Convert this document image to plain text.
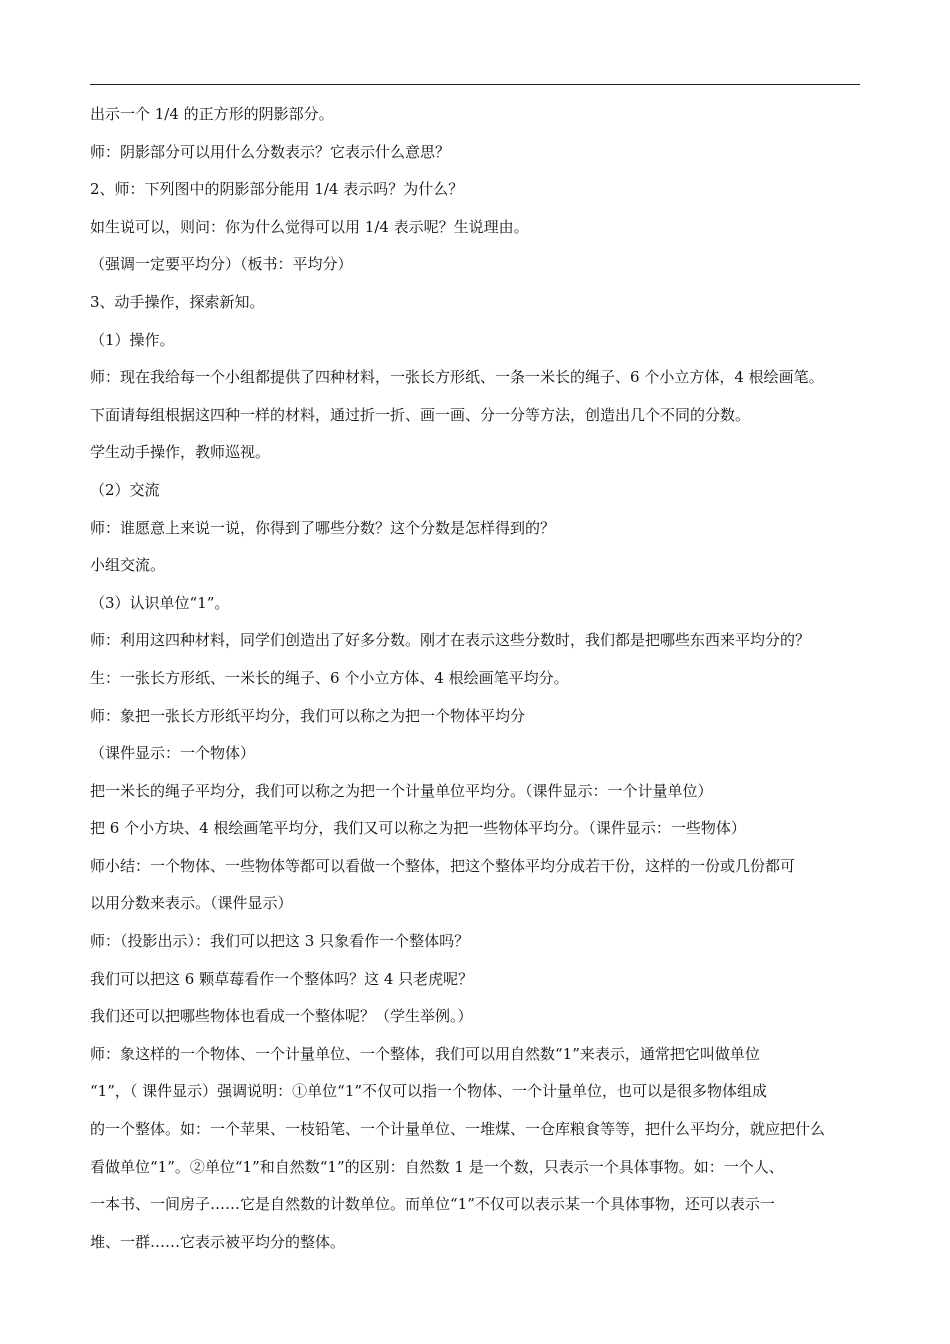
出示一个 1/4 的正方形的阴影部分。
师：阴影部分可以用什么分数表示？它表示什么意思？
2、师：下列图中的阴影部分能用 1/4 表示吗？为什么？
如生说可以，则问：你为什么觉得可以用 1/4 表示呢？生说理由。
（强调一定要平均分）（板书：平均分）
3、动手操作，探索新知。
（1）操作。
师：现在我给每一个小组都提供了四种材料，一张长方形纸、一条一米长的绳子、6 个小立方体，4 根绘画笔。
下面请每组根据这四种一样的材料，通过折一折、画一画、分一分等方法，创造出几个不同的分数。
学生动手操作，教师巡视。
（2）交流
师：谁愿意上来说一说，你得到了哪些分数？这个分数是怎样得到的？
小组交流。
（3）认识单位“1”。
师：利用这四种材料，同学们创造出了好多分数。刚才在表示这些分数时，我们都是把哪些东西来平均分的？
生：一张长方形纸、一米长的绳子、6 个小立方体、4 根绘画笔平均分。
师：象把一张长方形纸平均分，我们可以称之为把一个物体平均分
（课件显示：一个物体）
把一米长的绳子平均分，我们可以称之为把一个计量单位平均分。（课件显示：一个计量单位）
把 6 个小方块、4 根绘画笔平均分，我们又可以称之为把一些物体平均分。（课件显示：一些物体）
师小结：一个物体、一些物体等都可以看做一个整体，把这个整体平均分成若干份，这样的一份或几份都可
以用分数来表示。（课件显示）
师：（投影出示）：我们可以把这 3 只象看作一个整体吗？
我们可以把这 6 颗草莓看作一个整体吗？这 4 只老虎呢？
我们还可以把哪些物体也看成一个整体呢？（学生举例。）
师：象这样的一个物体、一个计量单位、一个整体，我们可以用自然数“1”来表示，通常把它叫做单位
“1”，（ 课件显示）强调说明：①单位“1”不仅可以指一个物体、一个计量单位，也可以是很多物体组成
的一个整体。如：一个苹果、一枝铅笔、一个计量单位、一堆煤、一仓库粮食等等，把什么平均分，就应把什么
看做单位“1”。②单位“1”和自然数“1”的区别：自然数 1 是一个数，只表示一个具体事物。如：一个人、
一本书、一间房子……它是自然数的计数单位。而单位“1”不仅可以表示某一个具体事物，还可以表示一
堆、一群……它表示被平均分的整体。
